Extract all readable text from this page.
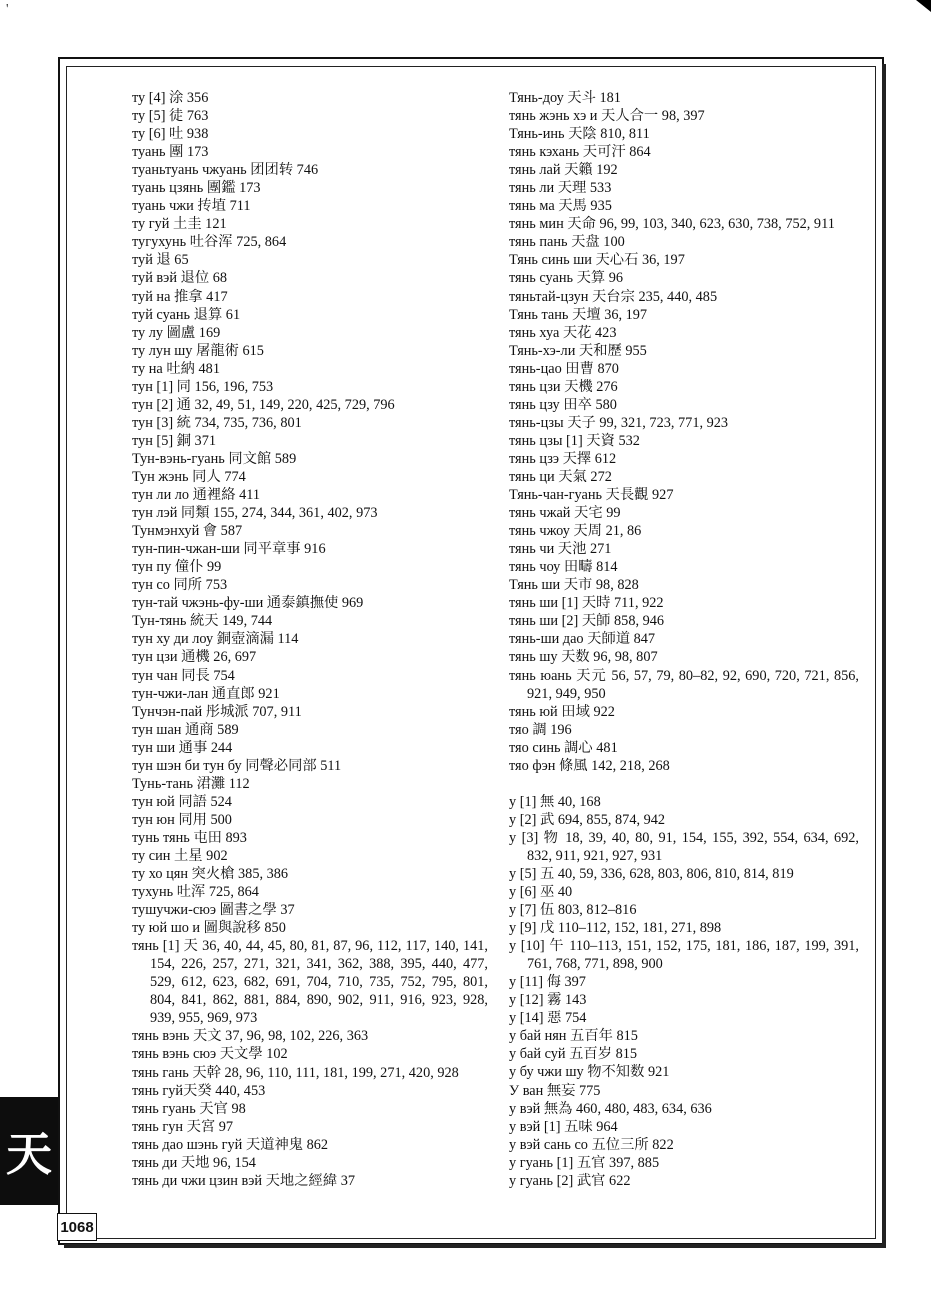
'
天
1068
ту [4] 涂 356
ту [5] 徒 763
ту [6] 吐 938
туань 團 173
туаньтуань чжуань 团团转 746
туань цзянь 團鑑 173
туань чжи 抟埴 711
ту гуй 土圭 121
тугухунь 吐谷浑 725, 864
туй 退 65
туй вэй 退位 68
туй на 推拿 417
туй суань 退算 61
ту лу 圖盧 169
ту лун шу 屠龍術 615
ту на 吐納 481
тун [1] 同 156, 196, 753
тун [2] 通 32, 49, 51, 149, 220, 425, 729, 796
тун [3] 統 734, 735, 736, 801
тун [5] 銅 371
Тун-вэнь-гуань 同文館 589
Тун жэнь 同人 774
тун ли ло 通裡絡 411
тун лэй 同類 155, 274, 344, 361, 402, 973
Тунмэнхуй 會 587
тун-пин-чжан-ши 同平章事 916
тун пу 僮仆 99
тун со 同所 753
тун-тай чжэнь-фу-ши 通泰鎮撫使 969
Тун-тянь 統天 149, 744
тун ху ди лоу 銅壺滴漏 114
тун цзи 通機 26, 697
тун чан 同長 754
тун-чжи-лан 通直郎 921
Тунчэн-пай 彤城派 707, 911
тун шан 通商 589
тун ши 通事 244
тун шэн би тун бу 同聲必同部 511
Тунь-тань 涒灘 112
тун юй 同語 524
тун юн 同用 500
тунь тянь 屯田 893
ту син 土星 902
ту хо цян 突火槍 385, 386
тухунь 吐浑 725, 864
тушучжи-сюэ 圖書之學 37
ту юй шо и 圖與說移 850
тянь [1] 天 36, 40, 44, 45, 80, 81, 87, 96, 112, 117, 140, 141, 154, 226, 257, 271, 321, 341, 362, 388, 395, 440, 477, 529, 612, 623, 682, 691, 704, 710, 735, 752, 795, 801, 804, 841, 862, 881, 884, 890, 902, 911, 916, 923, 928, 939, 955, 969, 973
тянь вэнь 天文 37, 96, 98, 102, 226, 363
тянь вэнь сюэ 天文學 102
тянь гань 天幹 28, 96, 110, 111, 181, 199, 271, 420, 928
тянь гуй天癸 440, 453
тянь гуань 天官 98
тянь гун 天宮 97
тянь дао шэнь гуй 天道神鬼 862
тянь ди 天地 96, 154
тянь ди чжи цзин вэй 天地之經緯 37
Тянь-доу 天斗 181
тянь жэнь хэ и 天人合一 98, 397
Тянь-инь 天陰 810, 811
тянь кэхань 天可汗 864
тянь лай 天籟 192
тянь ли 天理 533
тянь ма 天馬 935
тянь мин 天命 96, 99, 103, 340, 623, 630, 738, 752, 911
тянь пань 天盘 100
Тянь синь ши 天心石 36, 197
тянь суань 天算 96
тяньтай-цзун 天台宗 235, 440, 485
Тянь тань 天壇 36, 197
тянь хуа 天花 423
Тянь-хэ-ли 天和歷 955
тянь-цао 田曹 870
тянь цзи 天機 276
тянь цзу 田卒 580
тянь-цзы 天子 99, 321, 723, 771, 923
тянь цзы [1] 天資 532
тянь цзэ 天擇 612
тянь ци 天氣 272
Тянь-чан-гуань 天長觀 927
тянь чжай 天宅 99
тянь чжоу 天周 21, 86
тянь чи 天池 271
тянь чоу 田疇 814
Тянь ши 天市 98, 828
тянь ши [1] 天時 711, 922
тянь ши [2] 天師 858, 946
тянь-ши дао 天師道 847
тянь шу 天数 96, 98, 807
тянь юань 天元 56, 57, 79, 80–82, 92, 690, 720, 721, 856, 921, 949, 950
тянь юй 田域 922
тяо 調 196
тяо синь 調心 481
тяо фэн 條風 142, 218, 268
у [1] 無 40, 168
у [2] 武 694, 855, 874, 942
у [3] 物 18, 39, 40, 80, 91, 154, 155, 392, 554, 634, 692, 832, 911, 921, 927, 931
у [5] 五 40, 59, 336, 628, 803, 806, 810, 814, 819
у [6] 巫 40
у [7] 伍 803, 812–816
у [9] 戊 110–112, 152, 181, 271, 898
у [10] 午 110–113, 151, 152, 175, 181, 186, 187, 199, 391, 761, 768, 771, 898, 900
у [11] 侮 397
у [12] 霧 143
у [14] 惡 754
у бай нян 五百年 815
у бай суй 五百岁 815
у бу чжи шу 物不知数 921
У ван 無妄 775
у вэй 無為 460, 480, 483, 634, 636
у вэй [1] 五味 964
у вэй сань со 五位三所 822
у гуань [1] 五官 397, 885
у гуань [2] 武官 622
